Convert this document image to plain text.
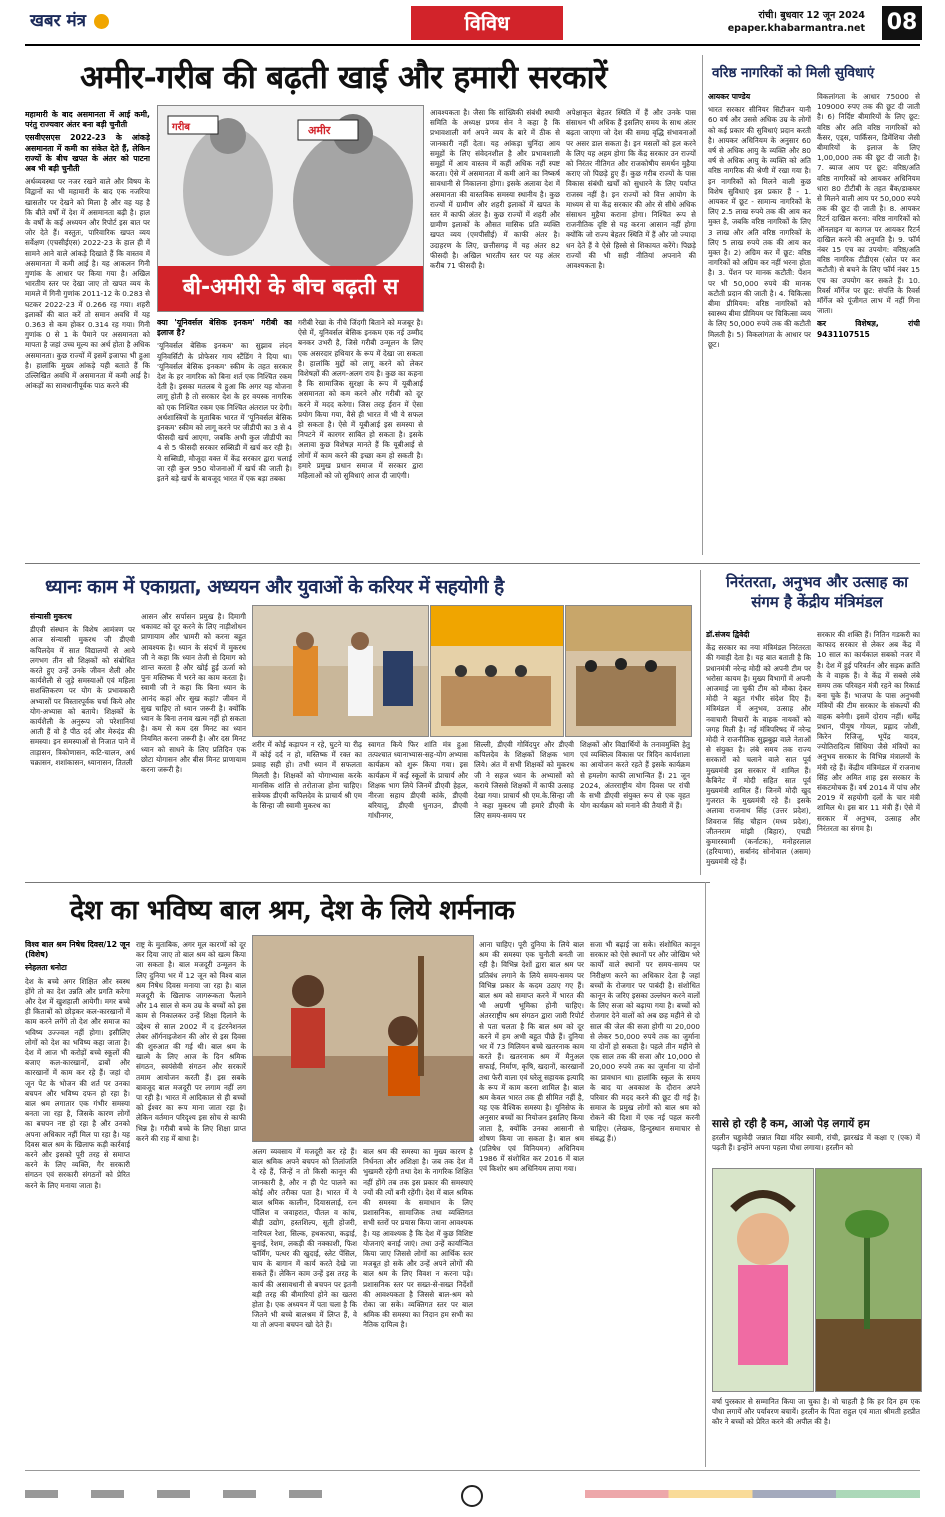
खबर मंत्र	विविध	रांची। बुधवार 12 जून 2024
epaper.khabarmantra.net 08
अमीर-गरीब की बढ़ती खाई और हमारी सरकारें

महामारी के बाद असमानता में आई कमी, परंतु राज्यवार अंतर बना बड़ी चुनौती

एसवीएसएस 2022-23 के आंकड़े असमानता में कमी का संकेत देते हैं, लेकिन राज्यों के बीच खपत के अंतर को पाटना अब भी बड़ी चुनौती

अर्थव्यवस्था पर नजर रखने वाले और विषय के विद्वानों का भी महामारी के बाद एक नजरिया खासतौर पर देखने को मिला है और वह यह है कि बीते वर्षों में देश में असमानता बढ़ी है। हाल के वर्षों के कई अध्ययन और रिपोर्ट इस बात पर जोर देते हैं। वस्तुतः, पारिवारिक खपत व्यय सर्वेक्षण (एचसीईएस) 2022-23 के हाल ही में सामने आने वाले आंकड़े दिखाते हैं कि वास्तव में असमानता में कमी आई है। यह आकलन गिनी गुणांक के आधार पर किया गया है। अखिल भारतीय स्तर पर देखा जाए तो खपत व्यय के मामले में गिनी गुणांक 2011-12 के 0.283 से घटकर 2022-23 में 0.266 रह गया। शहरी इलाकों की बात करें तो समान अवधि में यह 0.363 से कम होकर 0.314 रह गया। गिनी गुणांक 0 से 1 के पैमाने पर असमानता को मापता है जहां उच्च मूल्य का अर्थ होता है अधिक असमानता। कुछ राज्यों में इसमें इजाफा भी हुआ है। हालांकि मुख्य आंकड़े यही बताते हैं कि उल्लिखित अवधि में असमानता में कमी आई है। आंकड़ों का सावधानीपूर्वक पाठ करने की

गरीब	अमीर
बी-अमीरी के बीच बढ़ती स

क्या 'यूनिवर्सल बेसिक इनकम' गरीबी का इलाज है?

'यूनिवर्सल बेसिक इनकम' का सुझाव लंदन यूनिवर्सिटी के प्रोफेसर गाय स्टैंडिंग ने दिया था। 'यूनिवर्सल बेसिक इनकम' स्कीम के तहत सरकार देश के हर नागरिक को बिना शर्त एक निश्चित रकम देती है। इसका मतलब ये हुआ कि अगर यह योजना लागू होती है तो सरकार देश के हर वयस्क नागरिक को एक निश्चित रकम एक निश्चित अंतराल पर देगी। अर्थशास्त्रियों के मुताबिक भारत में 'यूनिवर्सल बेसिक इनकम' स्कीम को लागू करने पर जीडीपी का 3 से 4 फीसदी खर्च आएगा, जबकि अभी कुल जीडीपी का 4 से 5 फीसदी सरकार सब्सिडी में खर्च कर रही है। ये सब्सिडी, मौजूदा वक्त में केंद्र सरकार द्वारा चलाई जा रही कुल 950 योजनाओं में खर्च की जाती है। इतने बड़े खर्च के बावजूद भारत में एक बड़ा तबका

गरीबी रेखा के नीचे जिंदगी बिताने को मजबूर है। ऐसे में, यूनिवर्सल बेसिक इनकम एक नई उम्मीद बनकर उभरी है, जिसे गरीबी उन्मूलन के लिए एक असरदार हथियार के रूप में देखा जा सकता है। हालांकि मुद्दों को लागू करने को लेकर विशेषज्ञों की अलग-अलग राय है। कुछ का कहना है कि सामाजिक सुरक्षा के रूप में यूबीआई असमानता को कम करने और गरीबी को दूर करने में मदद करेगा। जिस तरह ईरान में ऐसा प्रयोग किया गया, वैसे ही भारत में भी ये सफल हो सकता है। ऐसे में यूबीआई इस समस्या से निपटने में कारगर साबित हो सकता है। इसके अलावा कुछ विशेषज्ञ मानते हैं कि यूबीआई से लोगों में काम करने की इच्छा कम हो सकती है। हमारे प्रमुख प्रधान समाज में सरकार द्वारा महिलाओं को जो सुविधाएं आज दी जाएंगी।

आवश्यकता है। जैसा कि सांख्यिकी संबंधी स्थायी समिति के अध्यक्ष प्रणव सेन ने कहा है कि प्रभावशाली वर्ग अपने व्यय के बारे में ठीक से जानकारी नहीं देता। यह आंकड़ा चुनिंदा आय समूहों के लिए संवेदनशील है और प्रभावशाली समूहों में आय वास्तव में कहीं अधिक नहीं स्पष्ट करता। ऐसे में असमानता में कमी आने का निष्कर्ष सावधानी से निकालना होगा। इसके अलावा देश में असमानता की वास्तविक समस्या स्थानीय है। कुछ राज्यों में ग्रामीण और शहरी इलाकों में खपत के स्तर में काफी अंतर है। कुछ राज्यों में शहरी और ग्रामीण इलाकों के औसत मासिक प्रति व्यक्ति खपत व्यय (एमपीसीई) में काफी अंतर है। उदाहरण के लिए, छत्तीसगढ़ में यह अंतर 82 फीसदी है। अखिल भारतीय स्तर पर यह अंतर करीब 71 फीसदी है।

अपेक्षाकृत बेहतर स्थिति में हैं और उनके पास संसाधन भी अधिक हैं इसलिए समय के साथ अंतर बढ़ता जाएगा जो देश की समग्र वृद्धि संभावनाओं पर असर डाल सकता है। इन मसलों को हल करने के लिए यह अहम होगा कि केंद्र सरकार उन राज्यों को निरंतर नीतिगत और राजकोषीय समर्थन मुहैया कराए जो पिछड़े हुए हैं। कुछ गरीब राज्यों के पास विकास संबंधी खर्चों को सुधारने के लिए पर्याप्त राजस्व नहीं है। इन राज्यों को वित्त आयोग के माध्यम से या केंद्र सरकार की ओर से सीधे अधिक संसाधन मुहैया कराना होगा। निश्चित रूप से राजनीतिक दृष्टि से यह करना आसान नहीं होगा क्योंकि जो राज्य बेहतर स्थिति में हैं और जो ज्यादा धन देते हैं वे ऐसे हिस्से से शिकायत करेंगे। पिछड़े राज्यों की भी सही नीतियां अपनाने की आवश्यकता है।

वरिष्ठ नागरिकों को मिली सुविधाएं

आयकर पाण्डेय

भारत सरकार सीनियर सिटीजन यानी 60 वर्ष और उससे अधिक उम्र के लोगों को कई प्रकार की सुविधाएं प्रदान करती है। आयकर अधिनियम के अनुसार 60 वर्ष से अधिक आयु के व्यक्ति और 80 वर्ष से अधिक आयु के व्यक्ति को अति वरिष्ठ नागरिक की श्रेणी में रखा गया है। इन नागरिकों को मिलने वाली कुछ विशेष सुविधाएं इस प्रकार हैं - 1. आयकर में छूट - सामान्य नागरिकों के लिए 2.5 लाख रुपये तक की आय कर मुक्त है, जबकि वरिष्ठ नागरिकों के लिए 3 लाख और अति वरिष्ठ नागरिकों के लिए 5 लाख रुपये तक की आय कर मुक्त है। 2) अग्रिम कर में छूट: वरिष्ठ नागरिकों को अग्रिम कर नहीं भरना होता है। 3. पेंशन पर मानक कटौती: पेंशन पर भी 50,000 रुपये की मानक कटौती प्रदान की जाती है। 4. चिकित्सा बीमा प्रीमियम: वरिष्ठ नागरिकों को स्वास्थ्य बीमा प्रीमियम पर चिकित्सा व्यय के लिए 50,000 रुपये तक की कटौती मिलती है। 5) विकलांगता के आधार पर छूट।

विकलांगता के आधार 75000 से 109000 रुपए तक की छूट दी जाती है। 6) निर्दिष्ट बीमारियों के लिए छूट: वरिष्ठ और अति वरिष्ठ नागरिकों को कैंसर, एड्स, पार्किंसन, डिमेंशिया जैसी बीमारियों के इलाज के लिए 1,00,000 तक की छूट दी जाती है। 7. ब्याज आय पर छूट: वरिष्ठ/अति वरिष्ठ नागरिकों को आयकर अधिनियम धारा 80 टीटीबी के तहत बैंक/डाकघर से मिलने वाली आय पर 50,000 रुपये तक की छूट दी जाती है। 8. आयकर रिटर्न दाखिल करना: वरिष्ठ नागरिकों को ऑनलाइन या कागज पर आयकर रिटर्न दाखिल करने की अनुमति है। 9. फॉर्म नंबर 15 एच का उपयोग: वरिष्ठ/अति वरिष्ठ नागरिक टीडीएस (स्रोत पर कर कटौती) से बचने के लिए फॉर्म नंबर 15 एच का उपयोग कर सकते हैं। 10. रिवर्स मॉर्गेज पर छूट: संपत्ति के रिवर्स मॉर्गेज को पूंजीगत लाभ में नहीं गिना जाता।

कर विशेषज्ञ, रांची 9431107515

ध्यानः काम में एकाग्रता, अध्ययन और युवाओं के करियर में सहयोगी है

संन्यासी मुकरथ

डीएवी संस्थान के विशेष आमंत्रण पर आज संन्यासी मुकरथ जी डीएवी कपिलदेव में सात विद्यालयों से आये लगभग तीन सौ शिक्षकों को संबोधित करते हुए उन्हें उनके जीवन शैली और कार्यशैली से जुड़े समस्याओं एवं महिला सशक्तिकरण पर योग के प्रभावकारी अभ्यासों पर विस्तारपूर्वक चर्चा किये और योग-अभ्यास को बताये। शिक्षकों के कार्यशैली के अनुरूप जो परेशानियां आती हैं वो है पीठ दर्द और मेरुदंड की समस्या। इन समस्याओं से निजात पाने में ताड़ासन, त्रिकोणासन, कटि-चालन, अर्ध चक्रासन, शशांकासन, ध्यानासन, तितली

आसन और सर्पासन प्रमुख है। दिमागी थकावट को दूर करने के लिए नाड़ीशोधन प्राणायाम और भ्रामरी को करना बहुत आवश्यक है। ध्यान के संदर्भ में मुकरथ जी ने कहा कि ध्यान तेजी से दिमाग को शान्त करता है और खोई हुई ऊर्जा को पुनः मस्तिष्क में भरने का काम करता है। स्वामी जी ने कहा कि बिना ध्यान के आनंद कहां और सुख कहां? जीवन में सुख चाहिए तो ध्यान जरूरी है। क्योंकि ध्यान के बिना तनाव खत्म नहीं हो सकता है। कम से कम दस मिनट का ध्यान नियमित करना जरूरी है। और दस मिनट ध्यान को साधने के लिए प्रतिदिन एक छोटा योगासन और बीस मिनट प्राणायाम करना जरूरी है।

शरीर में कोई कड़ापन न रहे, घुटने या रीढ़ में कोई दर्द न हो, मस्तिष्क में रक्त का प्रवाह सही हो। तभी ध्यान में सफलता मिलती है। शिक्षकों को योगाभ्यास करके मानसिक शांति से तरोताजा होना चाहिए। सत्रेयक डीएवी कपिलदेव के प्राचार्य श्री एम के सिन्हा जी स्वामी मुकरथ का

स्वागत किये फिर शांति मंत्र हुआ तत्पश्चात ध्यानाभ्यास-सह-योग अभ्यास कार्यक्रम को शुरू किया गया। इस कार्यक्रम में कई स्कूलों के प्राचार्य और शिक्षक भाग लिये जिनमें डीएवी हेहल, नीरजा सहाय डीएवी कांके, डीएवी बरियातू, डीएवी धुनाउन, डीएवी गांधीनगर,

सिल्ली, डीएवी गोविंदपुर और डीएवी कपिलदेव के शिक्षकों शिक्षक भाग लिये। अंत में सभी शिक्षकों को मुकरथ जी ने सहज ध्यान के अभ्यासों को कराये जिससे शिक्षकों में काफी उत्साह देखा गया। प्राचार्य श्री एम.के.सिन्हा जी ने कहा मुकरथ जी हमारे डीएवी के लिए समय-समय पर

शिक्षकों और विद्यार्थियों के तनावमुक्ति हेतु एवं व्यक्तित्व विकास पर त्रिदिन कार्यशाला का आयोजन करते रहते हैं इसके कार्यक्रम से हमलोग काफी लाभान्वित हैं। 21 जून 2024, अंतरराष्ट्रीय योग दिवस पर रांची के सभी डीएवी संयुक्त रूप से एक वृहत योग कार्यक्रम को मनाने की तैयारी में हैं।

निरंतरता, अनुभव और उत्साह का संगम है केंद्रीय मंत्रिमंडल

डॉ.संजय द्विवेदी

केंद्र सरकार का नया मंत्रिमंडल निरंतरता की गवाही देता है। यह बात बताती है कि प्रधानमंत्री नरेन्द्र मोदी को अपनी टीम पर भरोसा कायम है। मुख्य विभागों में अपनी आजमाई जा चुकी टीम को मौका देकर मोदी ने बहुत गंभीर संदेश दिए हैं। मंत्रिमंडल में अनुभव, उत्साह और नवाचारी विचारों के वाहक नायकों को जगह मिली है। नई मंत्रिपरिषद में नरेन्द्र मोदी ने राजनीतिक सुझबुझ वाले नेताओं से संयुक्त है। लंबे समय तक राज्य सरकारों को चलाने वाले सात पूर्व मुख्यमंत्री इस सरकार में शामिल हैं। कैबिनेट में मोदी सहित सात पूर्व मुख्यमंत्री शामिल हैं। जिनमें मोदी खुद गुजरात के मुख्यमंत्री रहे हैं। इसके अलावा राजनाथ सिंह (उत्तर प्रदेश), शिवराज सिंह चौहान (मध्य प्रदेश), जीतनराम मांझी (बिहार), एचडी कुमारस्वामी (कर्नाटक), मनोहरलाल (हरियाणा), सर्बानंद सोनोवाल (असम) मुख्यमंत्री रहे हैं।

सरकार की शक्ति हैं। नितिन गडकरी का काफाद सरकार से लेकर अब केंद्र में 10 साल का कार्यकाल सबको नजर में है। देश में हुई परिवर्तन और सड़क क्रांति के वे वाहक हैं। वे केंद्र में सबसे लंबे समय तक परिवहन मंत्री रहने का रिकार्ड बना चुके हैं। भाजपा के पास अनुभवी मंत्रियों की टीम सरकार के संकल्पों की वाहक बनेगी। इसमें दोराय नहीं। धर्मेंद्र प्रधान, पीयूष गोयल, प्रह्लाद जोशी, किरेन रिजिजू, भूपेंद्र यादव, ज्योतिरादित्य सिंधिया जैसे मंत्रियों का अनुभव सरकार के विभिन्न मंत्रालयों के मंत्री रहे हैं। केंद्रीय मंत्रिमंडल में राजनाथ सिंह और अमित शाह इस सरकार के संकटमोचक हैं। वर्ष 2014 में पांच और 2019 में सहयोगी दलों के चार मंत्री शामिल थे। इस बार 11 मंत्री हैं। ऐसे में सरकार में अनुभव, उत्साह और निरंतरता का संगम है।

देश का भविष्य बाल श्रम, देश के लिये शर्मनाक

विश्व बाल श्रम निषेध दिवस/12 जून (विशेष)

स्नेहलता धनोटा

देश के बच्चे अगर शिक्षित और स्वस्थ होंगे तो का देश उन्नति और प्रगति करेगा और देश में खुशहाली आयेगी। मगर बच्चे ही किताबों को छोड़कर कल-कारखानों में काम करने लगेंगे तो देश और समाज का भविष्य उज्ज्वल नहीं होगा। इसीलिए लोगों को देश का भविष्य कहा जाता है। देश में आज भी करोड़ों बच्चे स्कूलों की बजाए कल-कारखानों, ढाबों और कारखानों में काम कर रहे हैं। जहां दो जून पेट के भोजन की शर्त पर उनका बचपन और भविष्य दफन हो रहा है। बाल श्रम लगातार एक गंभीर समस्या बनता जा रहा है, जिसके कारण लोगों का बचपन नष्ट हो रहा है और उनको अपना अधिकार नहीं मिल पा रहा है। यह दिवस बाल श्रम के खिलाफ कड़ी कार्रवाई करने और इसको पूरी तरह से समाप्त करने के लिए व्यक्ति, गैर सरकारी संगठन एवं सरकारी संगठनों को प्रेरित करने के लिए मनाया जाता है।

राष्ट्र के मुताबिक, अगर मूल कारणों को दूर कर दिया जाए तो बाल श्रम को खत्म किया जा सकता है। बाल मजदूरी उन्मूलन के लिए दुनिया भर में 12 जून को विश्व बाल श्रम निषेध दिवस मनाया जा रहा है। बाल मजदूरी के खिलाफ जागरूकता फैलाने और 14 साल से कम उम्र के बच्चों को इस काम से निकालकर उन्हें शिक्षा दिलाने के उद्देश्य से साल 2002 में द इंटरनेशनल लेबर ऑर्गनाइजेशन की ओर से इस दिवस की शुरुआत की गई थी। बाल श्रम के खात्मे के लिए आज के दिन श्रमिक संगठन, स्वयंसेवी संगठन और सरकारें तमाम आयोजन करती हैं। इस सबके बावजूद बाल मजदूरी पर लगाम नहीं लग पा रही है। भारत में आदिकाल से ही बच्चों को ईश्वर का रूप माना जाता रहा है। लेकिन वर्तमान परिदृश्य इस सोच से काफी भिन्न है। गरीबी बच्चे के लिए शिक्षा प्राप्त करने की राह में बाधा है।

अलग व्यवसाय में मजदूरी कर रहे हैं। बाल श्रमिक अपने बचपन को तिलांजलि दे रहे हैं, जिन्हें न तो किसी कानून की जानकारी है, और न ही पेट पालने का कोई और तरीका पता है। भारत में ये बाल श्रमिक कालीन, दियासलाई, रत्न पॉलिश व जवाहरात, पीतल व कांच, बीड़ी उद्योग, हस्तशिल्प, सूती होजरी, नारियल रेशा, सिल्क, हथकरघा, कढ़ाई, बुनाई, रेशम, लकड़ी की नक्काशी, फिश फॉर्मिंग, पत्थर की खुदाई, स्लेट पेंसिल, चाय के बागान में कार्य करते देखे जा सकते हैं। लेकिन काम उन्हें इस तरह के कार्य की असावधानी से बचपन पर इतनी बड़ी तरह की बीमारियां होने का खतरा होता है। एक अध्ययन में पता चला है कि जितने भी बच्चे बालश्रम में लिप्त हैं, वे या तो अपना बचपन खो देते हैं।

बाल श्रम की समस्या का मुख्य कारण है निर्धनता और अशिक्षा है। जब तक देश में भुखमरी रहेगी तथा देश के नागरिक शिक्षित नहीं होंगे तब तक इस प्रकार की समस्याएं ज्यों की त्यों बनी रहेंगी। देश में बाल श्रमिक की समस्या के समाधान के लिए प्रशासनिक, सामाजिक तथा व्यक्तिगत सभी स्तरों पर प्रयास किया जाना आवश्यक है। यह आवश्यक है कि देश में कुछ विशिष्ट योजनाएं बनाई जाएं। तथा उन्हें कार्यान्वित किया जाए जिससे लोगों का आर्थिक स्तर मजबूत हो सके और उन्हें अपने लोगों की बाल श्रम के लिए विवश न करना पड़े। प्रशासनिक स्तर पर सख्त-से-सख्त निर्देशों की आवश्यकता है जिससे बाल-श्रम को रोका जा सके। व्यक्तिगत स्तर पर बाल श्रमिक की समस्या का निदान हम सभी का नैतिक दायित्व है।

आना चाहिए। पूरी दुनिया के लिये बाल श्रम की समस्या एक चुनौती बनती जा रही है। विभिन्न देशों द्वारा बाल श्रम पर प्रतिबंध लगाने के लिये समय-समय पर विभिन्न प्रकार के कदम उठाए गए हैं। बाल श्रम को समाप्त करने में भारत की भी अग्रणी भूमिका होनी चाहिए। अंतरराष्ट्रीय श्रम संगठन द्वारा जारी रिपोर्ट से पता चलता है कि बाल श्रम को दूर करने में हम अभी बहुत पीछे हैं। दुनिया भर में 73 मिलियन बच्चे खतरनाक काम करते हैं। खतरनाक श्रम में मैनुअल सफाई, निर्माण, कृषि, खदानों, कारखानों तथा फेरी वाला एवं घरेलू सहायक इत्यादि के रूप में काम करना शामिल है। बाल श्रम केवल भारत तक ही सीमित नहीं है, यह एक वैश्विक समस्या है। यूनिसेफ के अनुसार बच्चों का नियोजन इसलिए किया जाता है, क्योंकि उनका आसानी से शोषण किया जा सकता है। बाल श्रम (प्रतिषेध एवं विनियमन) अधिनियम 1986 में संशोधित कर 2016 में बाल एवं किशोर श्रम अधिनियम लाया गया।

सजा भी बढ़ाई जा सके। संशोधित कानून सरकार को ऐसे स्थानों पर और जोखिम भरे कार्यों वाले स्थानों पर समय-समय पर निरीक्षण करने का अधिकार देता है जहां बच्चों के रोजगार पर पाबंदी है। संशोधित कानून के जरिए इसका उल्लंघन करने वालों के लिए सजा को बढ़ाया गया है। बच्चों को रोजगार देने वालों को अब छह महीने से दो साल की जेल की सजा होगी या 20,000 से लेकर 50,000 रुपये तक का जुर्माना या दोनों हो सकता है। पहले तीन महीने से एक साल तक की सजा और 10,000 से 20,000 रुपये तक का जुर्माना या दोनों का प्रावधान था। हालांकि स्कूल के समय के बाद या अवकाश के दौरान अपने परिवार की मदद करने की छूट दी गई है। समाज के प्रमुख लोगों को बाल श्रम को रोकने की दिशा में एक नई पहल करनी चाहिए। (लेखक, हिन्दुस्थान समाचार से संबद्ध हैं।)

सासे हो रही है कम, आओ पेड़ लगायें हम

हरलीन चड्ढावेदी जन्नात विद्या मंदिर स्वामी, रांची, झारखंड में कक्षा ए (एक) में पढ़ती हैं। इन्होंने अपना पहला पौधा लगाया। हरलीन को

वर्षा पुरस्कार से सम्मानित किया जा चुका है। वो चाहती है कि हर दिन हम एक पौधा लगायें और पर्यावरण बचायें। हरलीन के पिता राहुल एवं माता श्रीमती हरप्रीत कौर ने बच्चों को प्रेरित करने की अपील की है।
